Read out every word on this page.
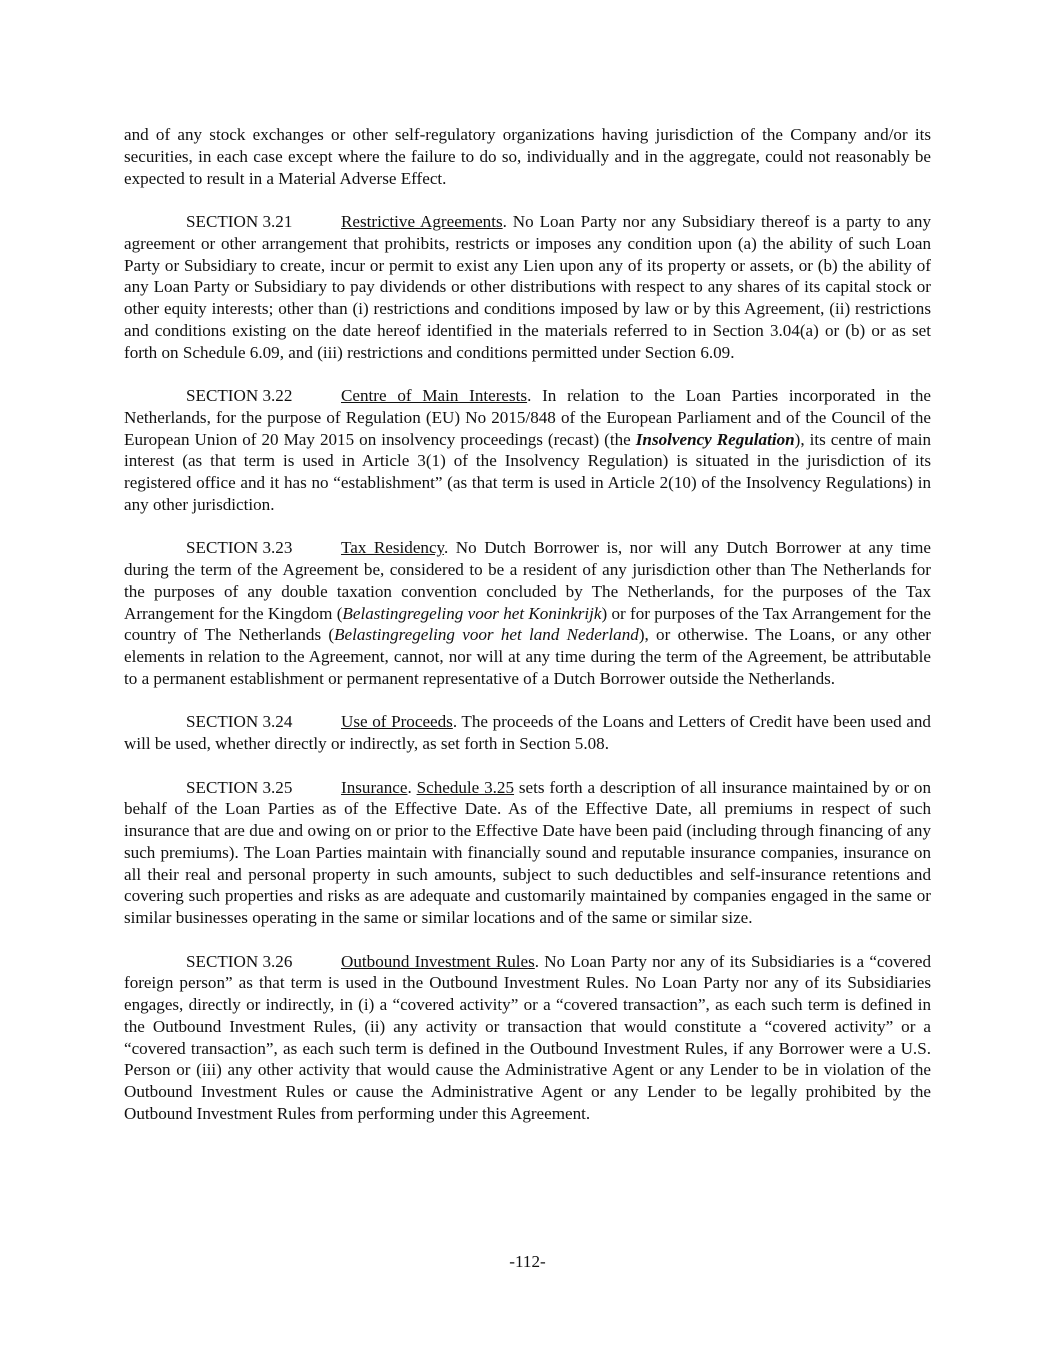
and of any stock exchanges or other self-regulatory organizations having jurisdiction of the Company and/or its securities, in each case except where the failure to do so, individually and in the aggregate, could not reasonably be expected to result in a Material Adverse Effect.

SECTION 3.21	Restrictive Agreements. No Loan Party nor any Subsidiary thereof is a party to any agreement or other arrangement that prohibits, restricts or imposes any condition upon (a) the ability of such Loan Party or Subsidiary to create, incur or permit to exist any Lien upon any of its property or assets, or (b) the ability of any Loan Party or Subsidiary to pay dividends or other distributions with respect to any shares of its capital stock or other equity interests; other than (i) restrictions and conditions imposed by law or by this Agreement, (ii) restrictions and conditions existing on the date hereof identified in the materials referred to in Section 3.04(a) or (b) or as set forth on Schedule 6.09, and (iii) restrictions and conditions permitted under Section 6.09.

SECTION 3.22	Centre of Main Interests. In relation to the Loan Parties incorporated in the Netherlands, for the purpose of Regulation (EU) No 2015/848 of the European Parliament and of the Council of the European Union of 20 May 2015 on insolvency proceedings (recast) (the Insolvency Regulation), its centre of main interest (as that term is used in Article 3(1) of the Insolvency Regulation) is situated in the jurisdiction of its registered office and it has no “establishment” (as that term is used in Article 2(10) of the Insolvency Regulations) in any other jurisdiction.

SECTION 3.23	Tax Residency. No Dutch Borrower is, nor will any Dutch Borrower at any time during the term of the Agreement be, considered to be a resident of any jurisdiction other than The Netherlands for the purposes of any double taxation convention concluded by The Netherlands, for the purposes of the Tax Arrangement for the Kingdom (Belastingregeling voor het Koninkrijk) or for purposes of the Tax Arrangement for the country of The Netherlands (Belastingregeling voor het land Nederland), or otherwise. The Loans, or any other elements in relation to the Agreement, cannot, nor will at any time during the term of the Agreement, be attributable to a permanent establishment or permanent representative of a Dutch Borrower outside the Netherlands.

SECTION 3.24	Use of Proceeds. The proceeds of the Loans and Letters of Credit have been used and will be used, whether directly or indirectly, as set forth in Section 5.08.

SECTION 3.25	Insurance. Schedule 3.25 sets forth a description of all insurance maintained by or on behalf of the Loan Parties as of the Effective Date. As of the Effective Date, all premiums in respect of such insurance that are due and owing on or prior to the Effective Date have been paid (including through financing of any such premiums). The Loan Parties maintain with financially sound and reputable insurance companies, insurance on all their real and personal property in such amounts, subject to such deductibles and self-insurance retentions and covering such properties and risks as are adequate and customarily maintained by companies engaged in the same or similar businesses operating in the same or similar locations and of the same or similar size.

SECTION 3.26	Outbound Investment Rules. No Loan Party nor any of its Subsidiaries is a “covered foreign person” as that term is used in the Outbound Investment Rules. No Loan Party nor any of its Subsidiaries engages, directly or indirectly, in (i) a “covered activity” or a “covered transaction”, as each such term is defined in the Outbound Investment Rules, (ii) any activity or transaction that would constitute a “covered activity” or a “covered transaction”, as each such term is defined in the Outbound Investment Rules, if any Borrower were a U.S. Person or (iii) any other activity that would cause the Administrative Agent or any Lender to be in violation of the Outbound Investment Rules or cause the Administrative Agent or any Lender to be legally prohibited by the Outbound Investment Rules from performing under this Agreement.

-112-
